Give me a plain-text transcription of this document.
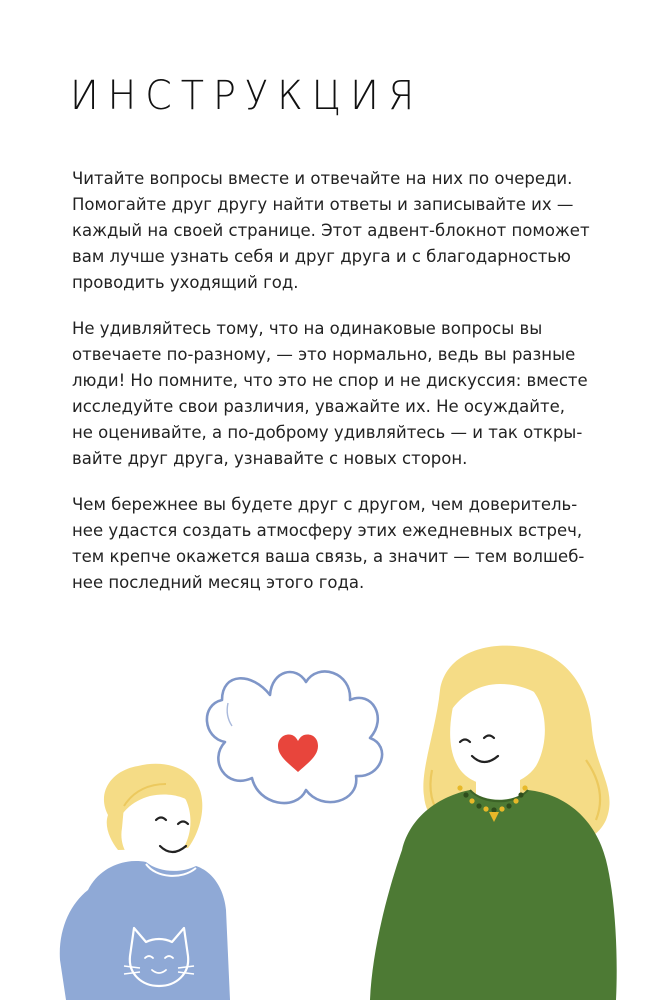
ИНСТРУКЦИЯ

Читайте вопросы вместе и отвечайте на них по очереди.
Помогайте друг другу найти ответы и записывайте их —
каждый на своей странице. Этот адвент-блокнот поможет
вам лучше узнать себя и друг друга и с благодарностью
проводить уходящий год.

Не удивляйтесь тому, что на одинаковые вопросы вы
отвечаете по-разному, — это нормально, ведь вы разные
люди! Но помните, что это не спор и не дискуссия: вместе
исследуйте свои различия, уважайте их. Не осуждайте,
не оценивайте, а по-доброму удивляйтесь — и так откры-
вайте друг друга, узнавайте с новых сторон.

Чем бережнее вы будете друг с другом, чем доверитель-
нее удастся создать атмосферу этих ежедневных встреч,
тем крепче окажется ваша связь, а значит — тем волшеб-
нее последний месяц этого года.
